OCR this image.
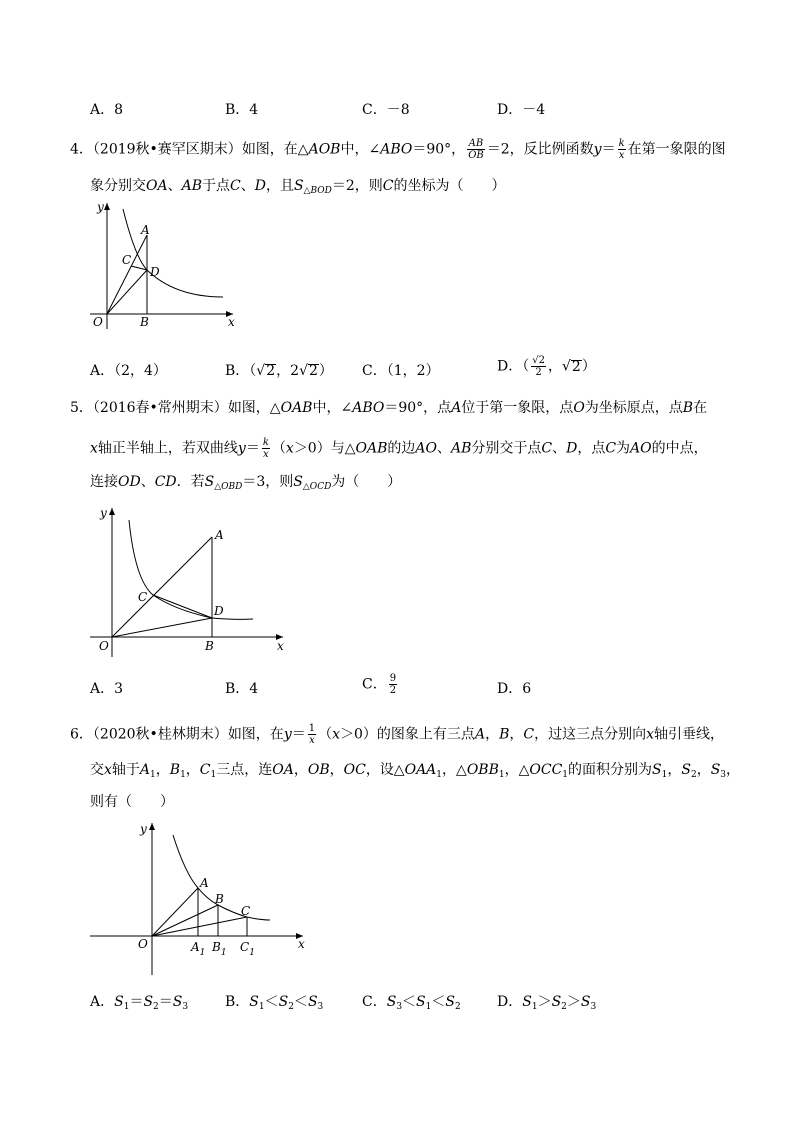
A．8	B．4	C．－8	D．－4
4．（2019秋•赛罕区期末）如图，在△AOB中，∠ABO＝90°， $\frac{AB}{OB} =2$，反比例函数$y= \frac{k}{x}$ 在第一象限的图
象分别交OA、AB于点C、D，且$S_{\triangle BOD}=2$，则C的坐标为（　　）
y
x
O
A
B
C
D
A．（2，4）	B．（√2，2√2） C．（1，2）	D．（ $\frac{√2}{2}$ ，√2）
5．（2016春•常州期末）如图，△OAB中，∠ABO＝90°，点A位于第一象限，点O为坐标原点，点B在
x轴正半轴上，若双曲线$y= \frac{k}{x} (x>0)$与△OAB的边AO、AB分别交于点C、D，点C为AO的中点，
连接OD、CD．若$S_{\triangle OBD}=3$，则$S_{\triangle OCD}$为（　　）
y
x
O
A
B
C
D
A．3	B．4	C． $\frac{9}{2}$	D．6
6．（2020秋•桂林期末）如图，在$y= \frac{1}{x} (x>0)$的图象上有三点A，B，C，过这三点分别向x轴引垂线，
交x轴于$A_1$，$B_1$，$C_1$三点，连OA，OB，OC，设$\triangle OAA_1$，$\triangle OBB_1$，$\triangle OCC_1$的面积分别为$S_1$，$S_2$，$S_3$，
则有（　　）
y
x
O
A
B
C
$A_1$ $B_1$ $C_1$
A．$S_1=S_2=S_3$	B．$S_1<S_2<S_3$	C．$S_3<S_1<S_2$	D．$S_1>S_2>S_3$
